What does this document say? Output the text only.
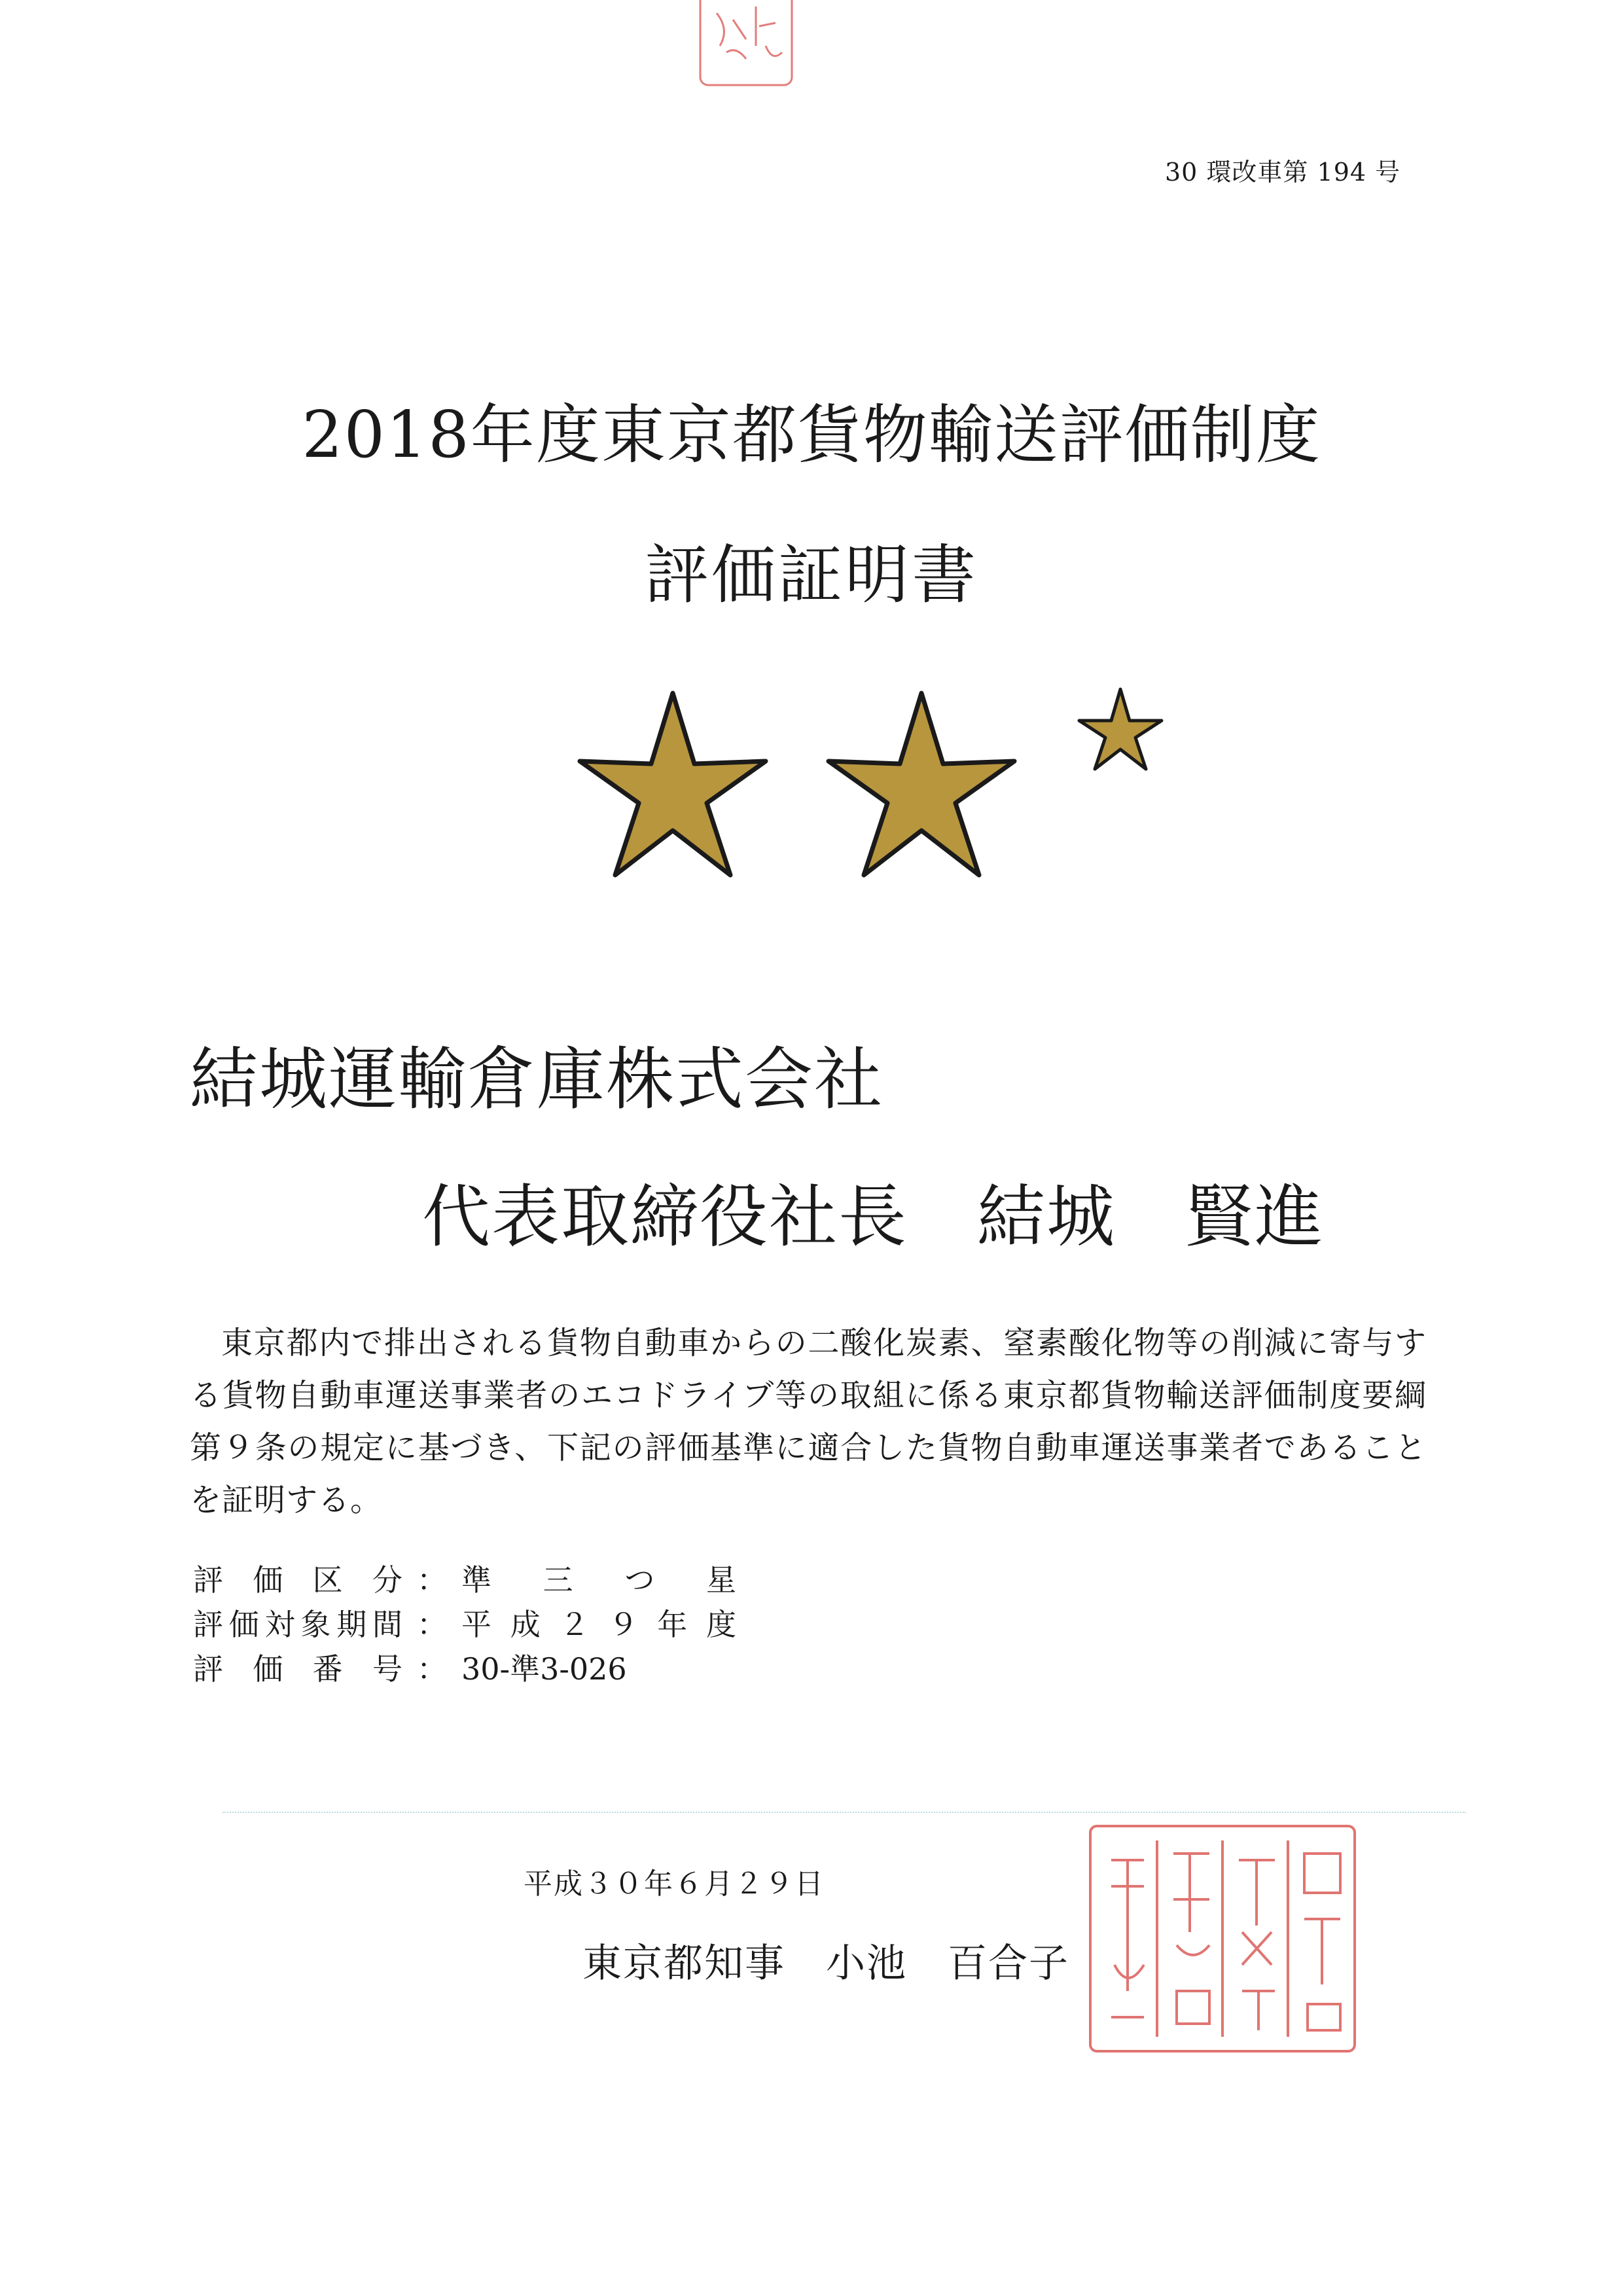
30 環改車第 194 号
2018年度東京都貨物輸送評価制度
評価証明書
結城運輸倉庫株式会社
代表取締役社長　結城　賢進
東京都内で排出される貨物自動車からの二酸化炭素、窒素酸化物等の削減に寄与する貨物自動車運送事業者のエコドライブ等の取組に係る東京都貨物輸送評価制度要綱第９条の規定に基づき、下記の評価基準に適合した貨物自動車運送事業者であることを証明する。
評価区分 ： 準三つ星
評価対象期間 ： 平成２９年度
評価番号 ： 30-準3-026
平成３０年６月２９日
東京都知事　小池　百合子
